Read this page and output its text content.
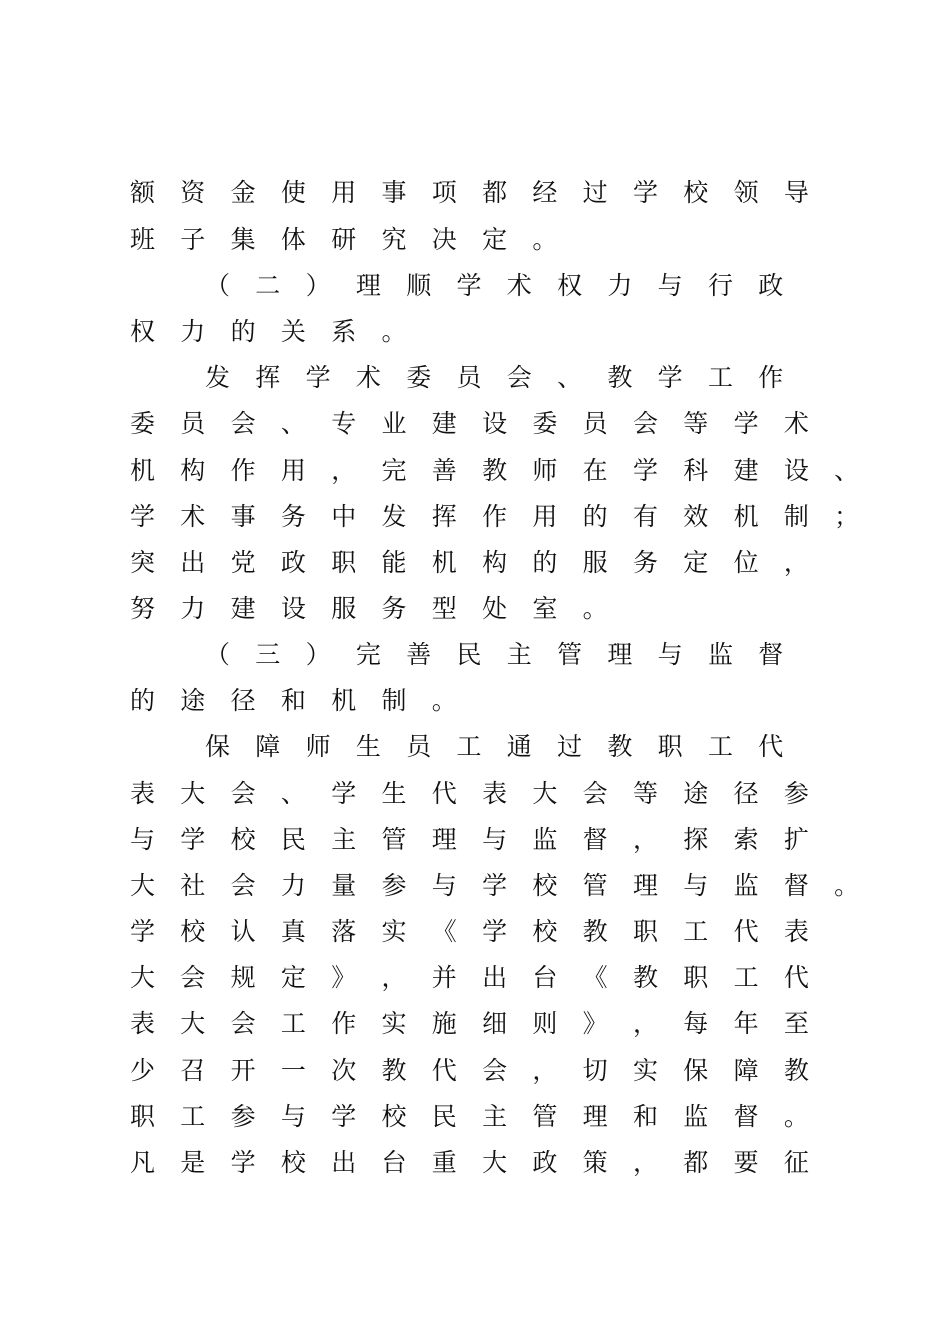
额 资 金 使 用 事 项 都 经 过 学 校 领 导
班 子 集 体 研 究 决 定 。
（ 二 ） 理 顺 学 术 权 力 与 行 政
权 力 的 关 系 。
发 挥 学 术 委 员 会 、 教 学 工 作
委 员 会 、 专 业 建 设 委 员 会 等 学 术
机 构 作 用 ， 完 善 教 师 在 学 科 建 设 、
学 术 事 务 中 发 挥 作 用 的 有 效 机 制 ；
突 出 党 政 职 能 机 构 的 服 务 定 位 ，
努 力 建 设 服 务 型 处 室 。
（ 三 ） 完 善 民 主 管 理 与 监 督
的 途 径 和 机 制 。
保 障 师 生 员 工 通 过 教 职 工 代
表 大 会 、 学 生 代 表 大 会 等 途 径 参
与 学 校 民 主 管 理 与 监 督 ， 探 索 扩
大 社 会 力 量 参 与 学 校 管 理 与 监 督 。
学 校 认 真 落 实 《 学 校 教 职 工 代 表
大 会 规 定 》 ， 并 出 台 《 教 职 工 代
表 大 会 工 作 实 施 细 则 》 ， 每 年 至
少 召 开 一 次 教 代 会 ， 切 实 保 障 教
职 工 参 与 学 校 民 主 管 理 和 监 督 。
凡 是 学 校 出 台 重 大 政 策 ， 都 要 征
